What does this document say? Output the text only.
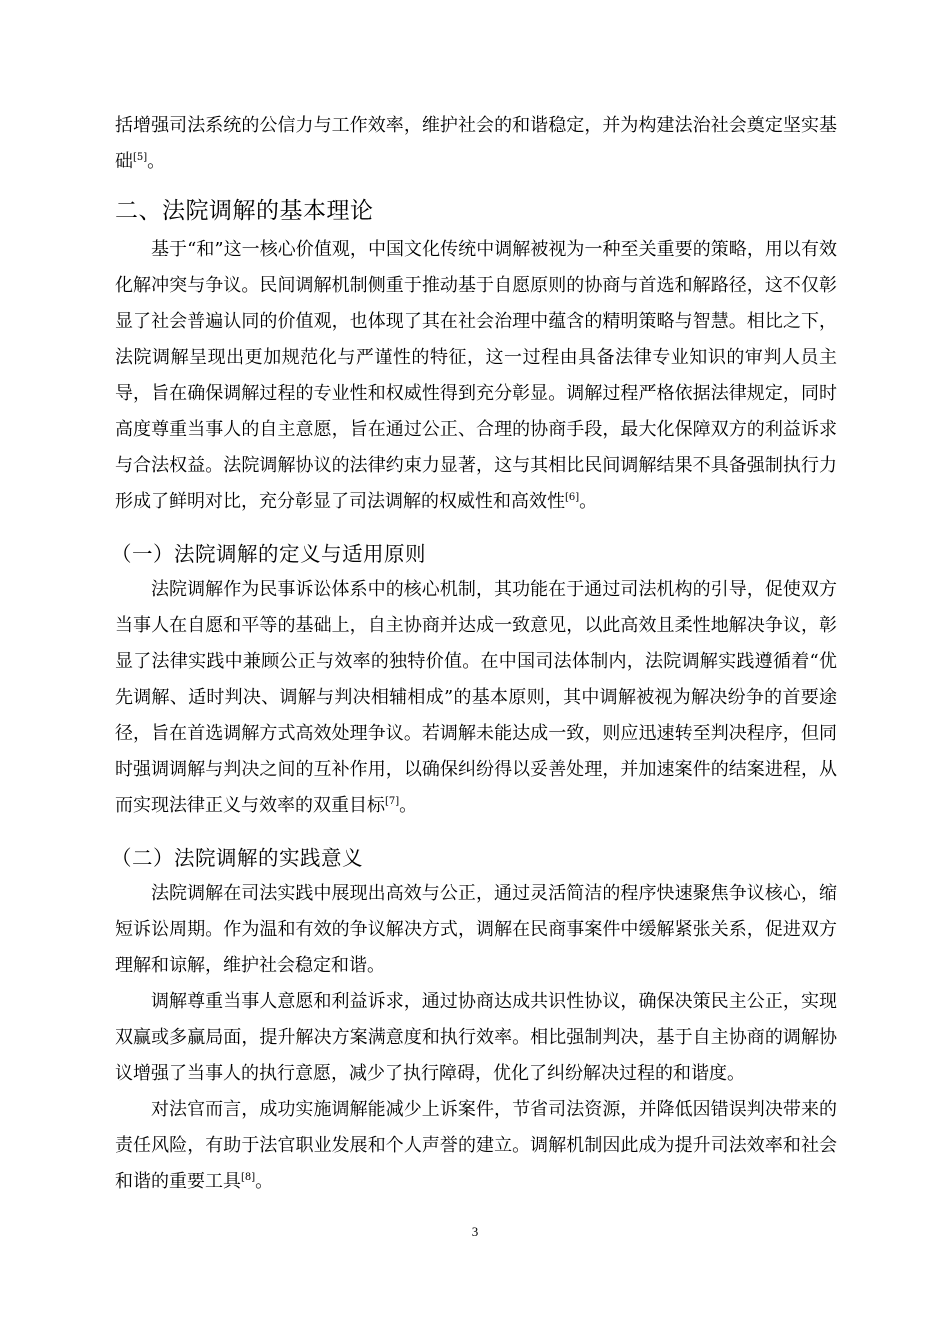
括增强司法系统的公信力与工作效率，维护社会的和谐稳定，并为构建法治社会奠定坚实基础[5]。

二、法院调解的基本理论

基于“和”这一核心价值观，中国文化传统中调解被视为一种至关重要的策略，用以有效化解冲突与争议。民间调解机制侧重于推动基于自愿原则的协商与首选和解路径，这不仅彰显了社会普遍认同的价值观，也体现了其在社会治理中蕴含的精明策略与智慧。相比之下，法院调解呈现出更加规范化与严谨性的特征，这一过程由具备法律专业知识的审判人员主导，旨在确保调解过程的专业性和权威性得到充分彰显。调解过程严格依据法律规定，同时高度尊重当事人的自主意愿，旨在通过公正、合理的协商手段，最大化保障双方的利益诉求与合法权益。法院调解协议的法律约束力显著，这与其相比民间调解结果不具备强制执行力形成了鲜明对比，充分彰显了司法调解的权威性和高效性[6]。

（一）法院调解的定义与适用原则

法院调解作为民事诉讼体系中的核心机制，其功能在于通过司法机构的引导，促使双方当事人在自愿和平等的基础上，自主协商并达成一致意见，以此高效且柔性地解决争议，彰显了法律实践中兼顾公正与效率的独特价值。在中国司法体制内，法院调解实践遵循着“优先调解、适时判决、调解与判决相辅相成”的基本原则，其中调解被视为解决纷争的首要途径，旨在首选调解方式高效处理争议。若调解未能达成一致，则应迅速转至判决程序，但同时强调调解与判决之间的互补作用，以确保纠纷得以妥善处理，并加速案件的结案进程，从而实现法律正义与效率的双重目标[7]。

（二）法院调解的实践意义

法院调解在司法实践中展现出高效与公正，通过灵活简洁的程序快速聚焦争议核心，缩短诉讼周期。作为温和有效的争议解决方式，调解在民商事案件中缓解紧张关系，促进双方理解和谅解，维护社会稳定和谐。

调解尊重当事人意愿和利益诉求，通过协商达成共识性协议，确保决策民主公正，实现双赢或多赢局面，提升解决方案满意度和执行效率。相比强制判决，基于自主协商的调解协议增强了当事人的执行意愿，减少了执行障碍，优化了纠纷解决过程的和谐度。

对法官而言，成功实施调解能减少上诉案件，节省司法资源，并降低因错误判决带来的责任风险，有助于法官职业发展和个人声誉的建立。调解机制因此成为提升司法效率和社会和谐的重要工具[8]。

3
